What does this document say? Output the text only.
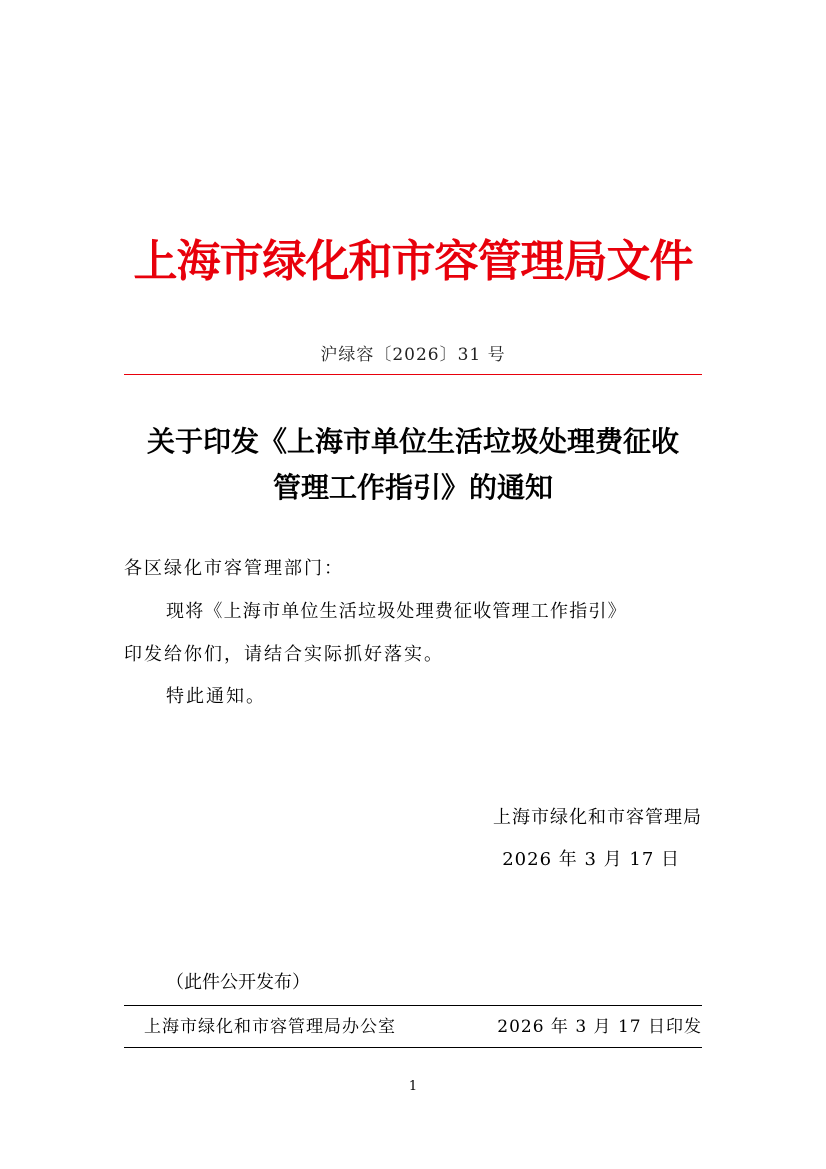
上海市绿化和市容管理局文件
沪绿容〔2026〕31 号
关于印发《上海市单位生活垃圾处理费征收
管理工作指引》的通知
各区绿化市容管理部门：
现将《上海市单位生活垃圾处理费征收管理工作指引》
印发给你们，请结合实际抓好落实。
特此通知。
上海市绿化和市容管理局
2026 年 3 月 17 日
（此件公开发布）
上海市绿化和市容管理局办公室	2026 年 3 月 17 日印发
1
